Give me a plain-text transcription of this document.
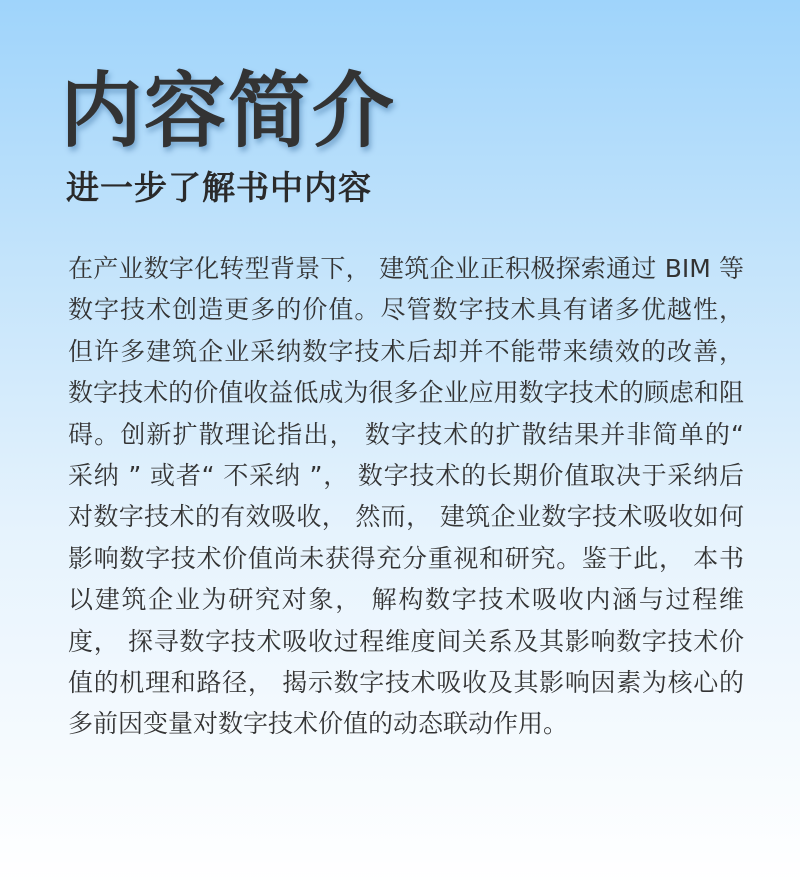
内容简介
进一步了解书中内容

在产业数字化转型背景下， 建筑企业正积极探索通过 BIM 等数字技术创造更多的价值。尽管数字技术具有诸多优越性， 但许多建筑企业采纳数字技术后却并不能带来绩效的改善， 数字技术的价值收益低成为很多企业应用数字技术的顾虑和阻碍。创新扩散理论指出， 数字技术的扩散结果并非简单的“ 采纳 ” 或者“ 不采纳 ”， 数字技术的长期价值取决于采纳后对数字技术的有效吸收， 然而， 建筑企业数字技术吸收如何影响数字技术价值尚未获得充分重视和研究。鉴于此， 本书以建筑企业为研究对象， 解构数字技术吸收内涵与过程维度， 探寻数字技术吸收过程维度间关系及其影响数字技术价值的机理和路径， 揭示数字技术吸收及其影响因素为核心的多前因变量对数字技术价值的动态联动作用。
